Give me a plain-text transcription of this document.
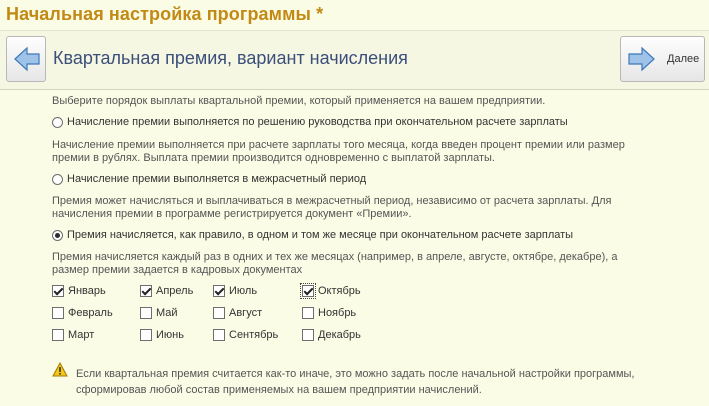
Начальная настройка программы *
Квартальная премия, вариант начисления	Далее
Выберите порядок выплаты квартальной премии, который применяется на вашем предприятии.
Начисление премии выполняется по решению руководства при окончательном расчете зарплаты
Начисление премии выполняется при расчете зарплаты того месяца, когда введен процент премии или размер
премии в рублях. Выплата премии производится одновременно с выплатой зарплаты.
Начисление премии выполняется в межрасчетный период
Премия может начисляться и выплачиваться в межрасчетный период, независимо от расчета зарплаты. Для
начисления премии в программе регистрируется документ «Премии».
Премия начисляется, как правило, в одном и том же месяце при окончательном расчете зарплаты
Премия начисляется каждый раз в одних и тех же месяцах (например, в апреле, августе, октябре, декабре), а
размер премии задается в кадровых документах
Январь	Апрель	Июль	Октябрь
Февраль	Май	Август	Ноябрь
Март	Июнь	Сентябрь	Декабрь
Если квартальная премия считается как-то иначе, это можно задать после начальной настройки программы,
сформировав любой состав применяемых на вашем предприятии начислений.
